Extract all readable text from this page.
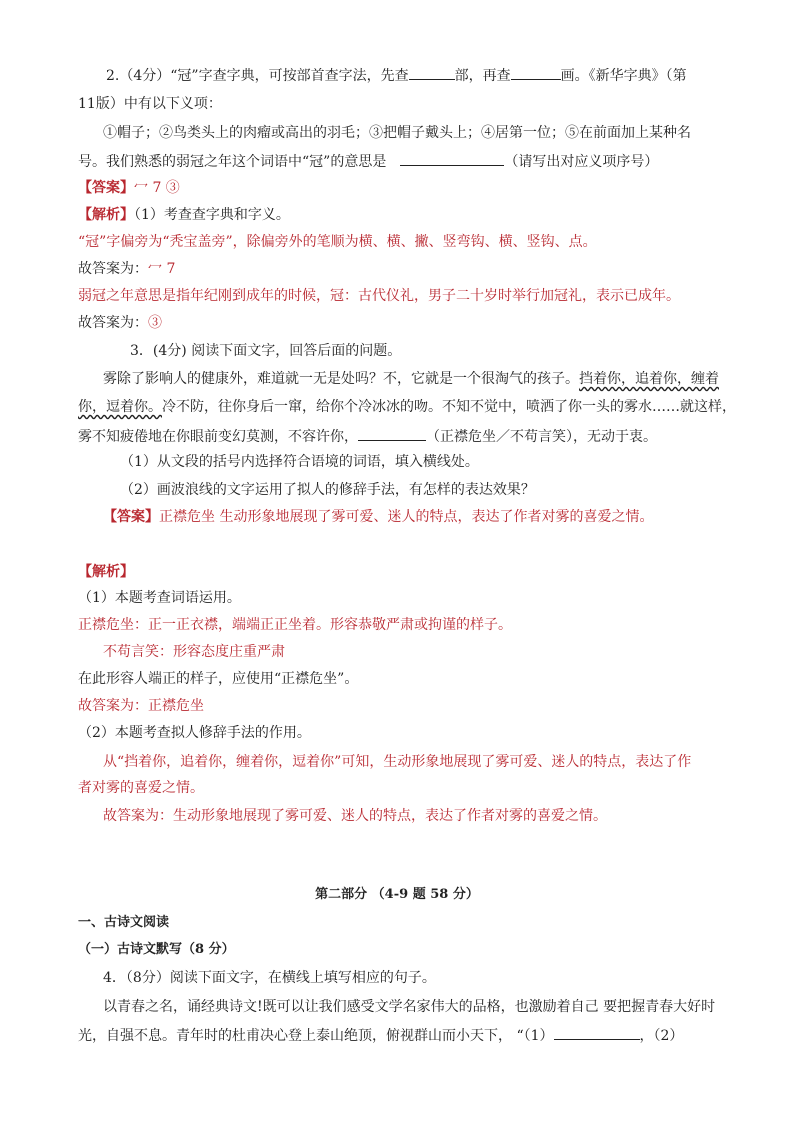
2.（4分）“冠”字查字典，可按部首查字法，先查	部，再查	画。《新华字典》（第
11版）中有以下义项：
①帽子；②鸟类头上的肉瘤或高出的羽毛；③把帽子戴头上；④居第一位；⑤在前面加上某种名
号。我们熟悉的弱冠之年这个词语中“冠”的意思是	（请写出对应义项序号）
【答案】冖 7 ③
【解析】（1）考查查字典和字义。
“冠”字偏旁为“秃宝盖旁”，除偏旁外的笔顺为横、横、撇、竖弯钩、横、竖钩、点。
故答案为：冖 7
弱冠之年意思是指年纪刚到成年的时候，冠：古代仪礼，男子二十岁时举行加冠礼，表示已成年。
故答案为：③
3．(4分) 阅读下面文字，回答后面的问题。
雾除了影响人的健康外，难道就一无是处吗？不，它就是一个很淘气的孩子。挡着你，追着你，缠着
你，逗着你。冷不防，往你身后一窜，给你个冷冰冰的吻。不知不觉中，喷洒了你一头的雾水……就这样，
雾不知疲倦地在你眼前变幻莫测，不容许你，	（正襟危坐／不苟言笑），无动于衷。
（1）从文段的括号内选择符合语境的词语，填入横线处。
（2）画波浪线的文字运用了拟人的修辞手法，有怎样的表达效果？
【答案】正襟危坐 生动形象地展现了雾可爱、迷人的特点，表达了作者对雾的喜爱之情。
【解析】
（1）本题考查词语运用。
正襟危坐：正一正衣襟，端端正正坐着。形容恭敬严肃或拘谨的样子。
不苟言笑：形容态度庄重严肃
在此形容人端正的样子，应使用“正襟危坐”。
故答案为：正襟危坐
（2）本题考查拟人修辞手法的作用。
从“挡着你，追着你，缠着你，逗着你”可知，生动形象地展现了雾可爱、迷人的特点，表达了作
者对雾的喜爱之情。
故答案为：生动形象地展现了雾可爱、迷人的特点，表达了作者对雾的喜爱之情。
第二部分 （4-9 题 58 分）
一、古诗文阅读
（一）古诗文默写（8 分）
4．（8分）阅读下面文字，在横线上填写相应的句子。
以青春之名，诵经典诗文!既可以让我们感受文学名家伟大的品格，也激励着自己 要把握青春大好时
光，自强不息。青年时的杜甫决心登上泰山绝顶，俯视群山而小天下， “（1）	，（2）
